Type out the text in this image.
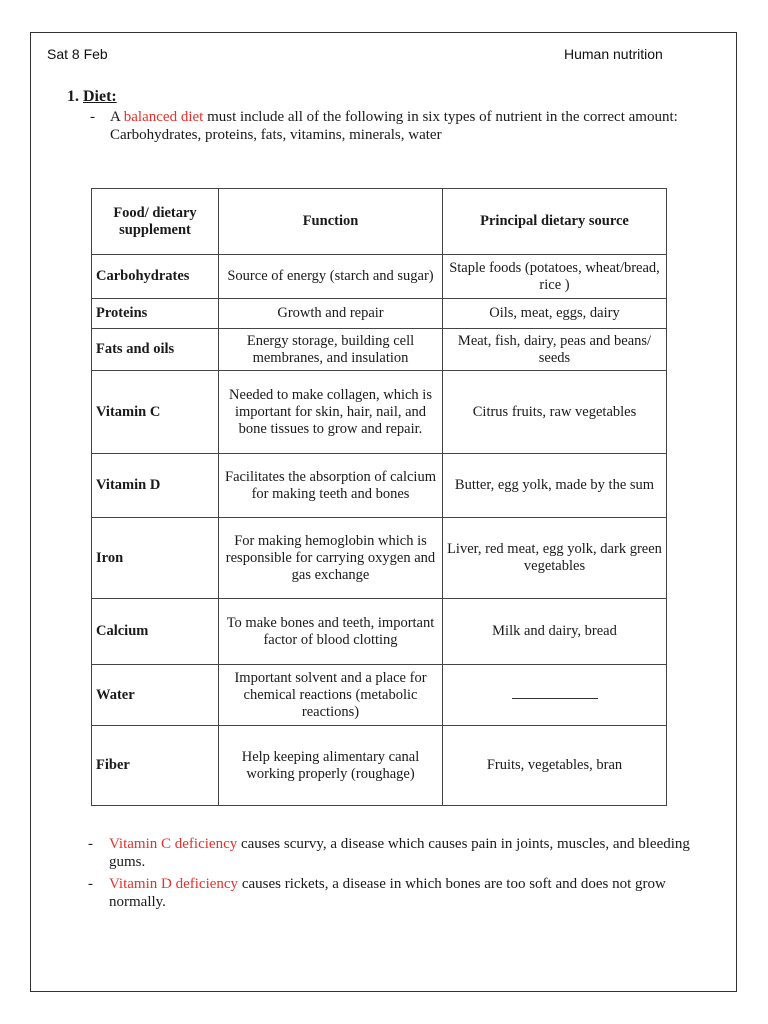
Sat 8 Feb	Human nutrition
1. Diet:
- A balanced diet must include all of the following in six types of nutrient in the correct amount:
Carbohydrates, proteins, fats, vitamins, minerals, water
Food/ dietary supplement	Function	Principal dietary source
Carbohydrates	Source of energy (starch and sugar)	Staple foods (potatoes, wheat/bread, rice )
Proteins	Growth and repair	Oils, meat, eggs, dairy
Fats and oils	Energy storage, building cell membranes, and insulation	Meat, fish, dairy, peas and beans/ seeds
Vitamin C	Needed to make collagen, which is important for skin, hair, nail, and bone tissues to grow and repair.	Citrus fruits, raw vegetables
Vitamin D	Facilitates the absorption of calcium for making teeth and bones	Butter, egg yolk, made by the sum
Iron	For making hemoglobin which is responsible for carrying oxygen and gas exchange	Liver, red meat, egg yolk, dark green vegetables
Calcium	To make bones and teeth, important factor of blood clotting	Milk and dairy, bread
Water	Important solvent and a place for chemical reactions (metabolic reactions)	
Fiber	Help keeping alimentary canal working properly (roughage)	Fruits, vegetables, bran
- Vitamin C deficiency causes scurvy, a disease which causes pain in joints, muscles, and bleeding gums.
- Vitamin D deficiency causes rickets, a disease in which bones are too soft and does not grow normally.
